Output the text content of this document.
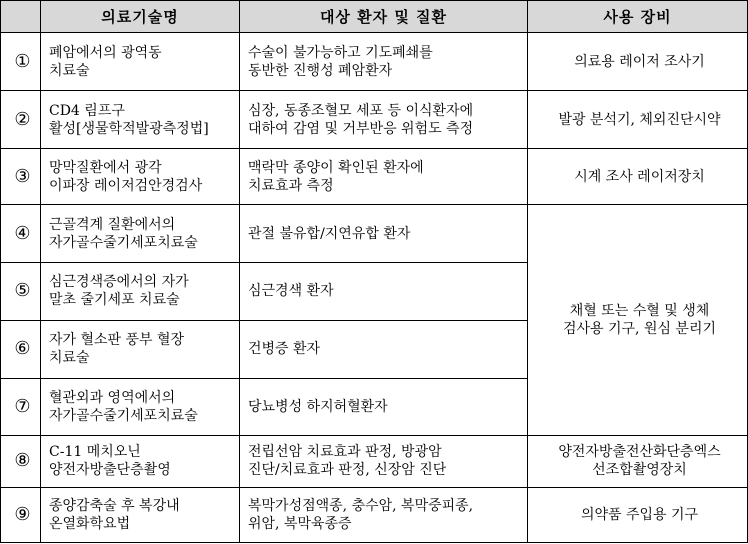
	의료기술명	대상 환자 및 질환	사용 장비
①	폐암에서의 광역동
치료술	수술이 불가능하고 기도폐쇄를
동반한 진행성 폐암환자	의료용 레이저 조사기

②	CD4 림프구
활성[생물학적발광측정법]	심장, 동종조혈모 세포 등 이식환자에
대하여 감염 및 거부반응 위험도 측정	발광 분석기, 체외진단시약

③	망막질환에서 광각
이파장 레이저검안경검사	맥락막 종양이 확인된 환자에
치료효과 측정	시계 조사 레이저장치

④	근골격계 질환에서의
자가골수줄기세포치료술	관절 불유합/지연유합 환자	채혈 또는 수혈 및 생체
검사용 기구, 원심 분리기

⑤	심근경색증에서의 자가
말초 줄기세포 치료술	심근경색 환자	

⑥	자가 혈소판 풍부 혈장
치료술	건병증 환자	

⑦	혈관외과 영역에서의
자가골수줄기세포치료술	당뇨병성 하지허혈환자	

⑧	C-11 메치오닌
양전자방출단층촬영	전립선암 치료효과 판정, 방광암
진단/치료효과 판정, 신장암 진단	양전자방출전산화단층엑스
선조합촬영장치

⑨	종양감축술 후 복강내
온열화학요법	복막가성점액종, 충수암, 복막중피종,
위암, 복막육종증	의약품 주입용 기구
